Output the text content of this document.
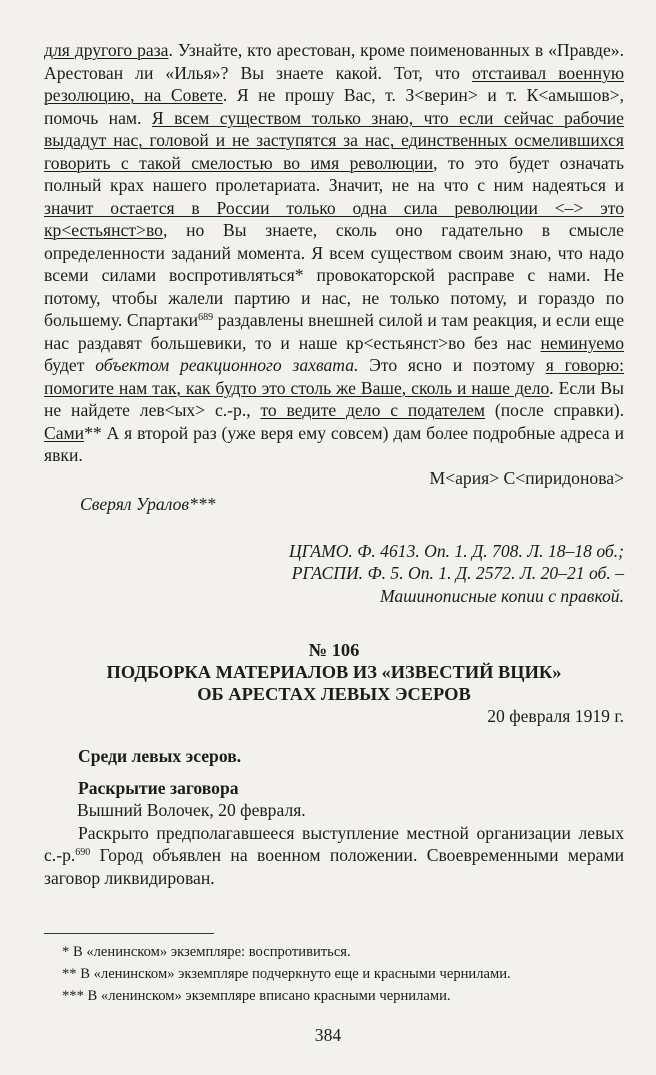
для другого раза. Узнайте, кто арестован, кроме поименованных в «Правде». Арестован ли «Илья»? Вы знаете какой. Тот, что отстаивал военную резолюцию, на Совете. Я не прошу Вас, т. З<верин> и т. К<амышов>, помочь нам. Я всем существом только знаю, что если сейчас рабочие выдадут нас, головой и не заступятся за нас, единственных осмелившихся говорить с такой смелостью во имя революции, то это будет означать полный крах нашего пролетариата. Значит, не на что с ним надеяться и значит остается в России только одна сила революции <–> это кр<естьянст>во, но Вы знаете, сколь оно гадательно в смысле определенности заданий момента. Я всем существом своим знаю, что надо всеми силами воспротивляться* провокаторской расправе с нами. Не потому, чтобы жалели партию и нас, не только потому, и гораздо по большему. Спартаки$^{689}$ раздавлены внешней силой и там реакция, и если еще нас раздавят большевики, то и наше кр<естьянст>во без нас неминуемо будет объектом реакционного захвата. Это ясно и поэтому я говорю: помогите нам так, как будто это столь же Ваше, сколь и наше дело. Если Вы не найдете лев<ых> с.-р., то ведите дело с подателем (после справки). Сами** А я второй раз (уже веря ему совсем) дам более подробные адреса и явки.

М<ария> С<пиридонова>

Сверял Уралов***

ЦГАМО. Ф. 4613. Оп. 1. Д. 708. Л. 18–18 об.;
РГАСПИ. Ф. 5. Оп. 1. Д. 2572. Л. 20–21 об. –
Машинописные копии с правкой.
№ 106
ПОДБОРКА МАТЕРИАЛОВ ИЗ «ИЗВЕСТИЙ ВЦИК»
ОБ АРЕСТАХ ЛЕВЫХ ЭСЕРОВ
20 февраля 1919 г.

Среди левых эсеров.

Раскрытие заговора

Вышний Волочек, 20 февраля.

Раскрыто предполагавшееся выступление местной организации левых с.-р.$^{690}$ Город объявлен на военном положении. Своевременными мерами заговор ликвидирован.

* В «ленинском» экземпляре: воспротивиться.

** В «ленинском» экземпляре подчеркнуто еще и красными чернилами.

*** В «ленинском» экземпляре вписано красными чернилами.

384
